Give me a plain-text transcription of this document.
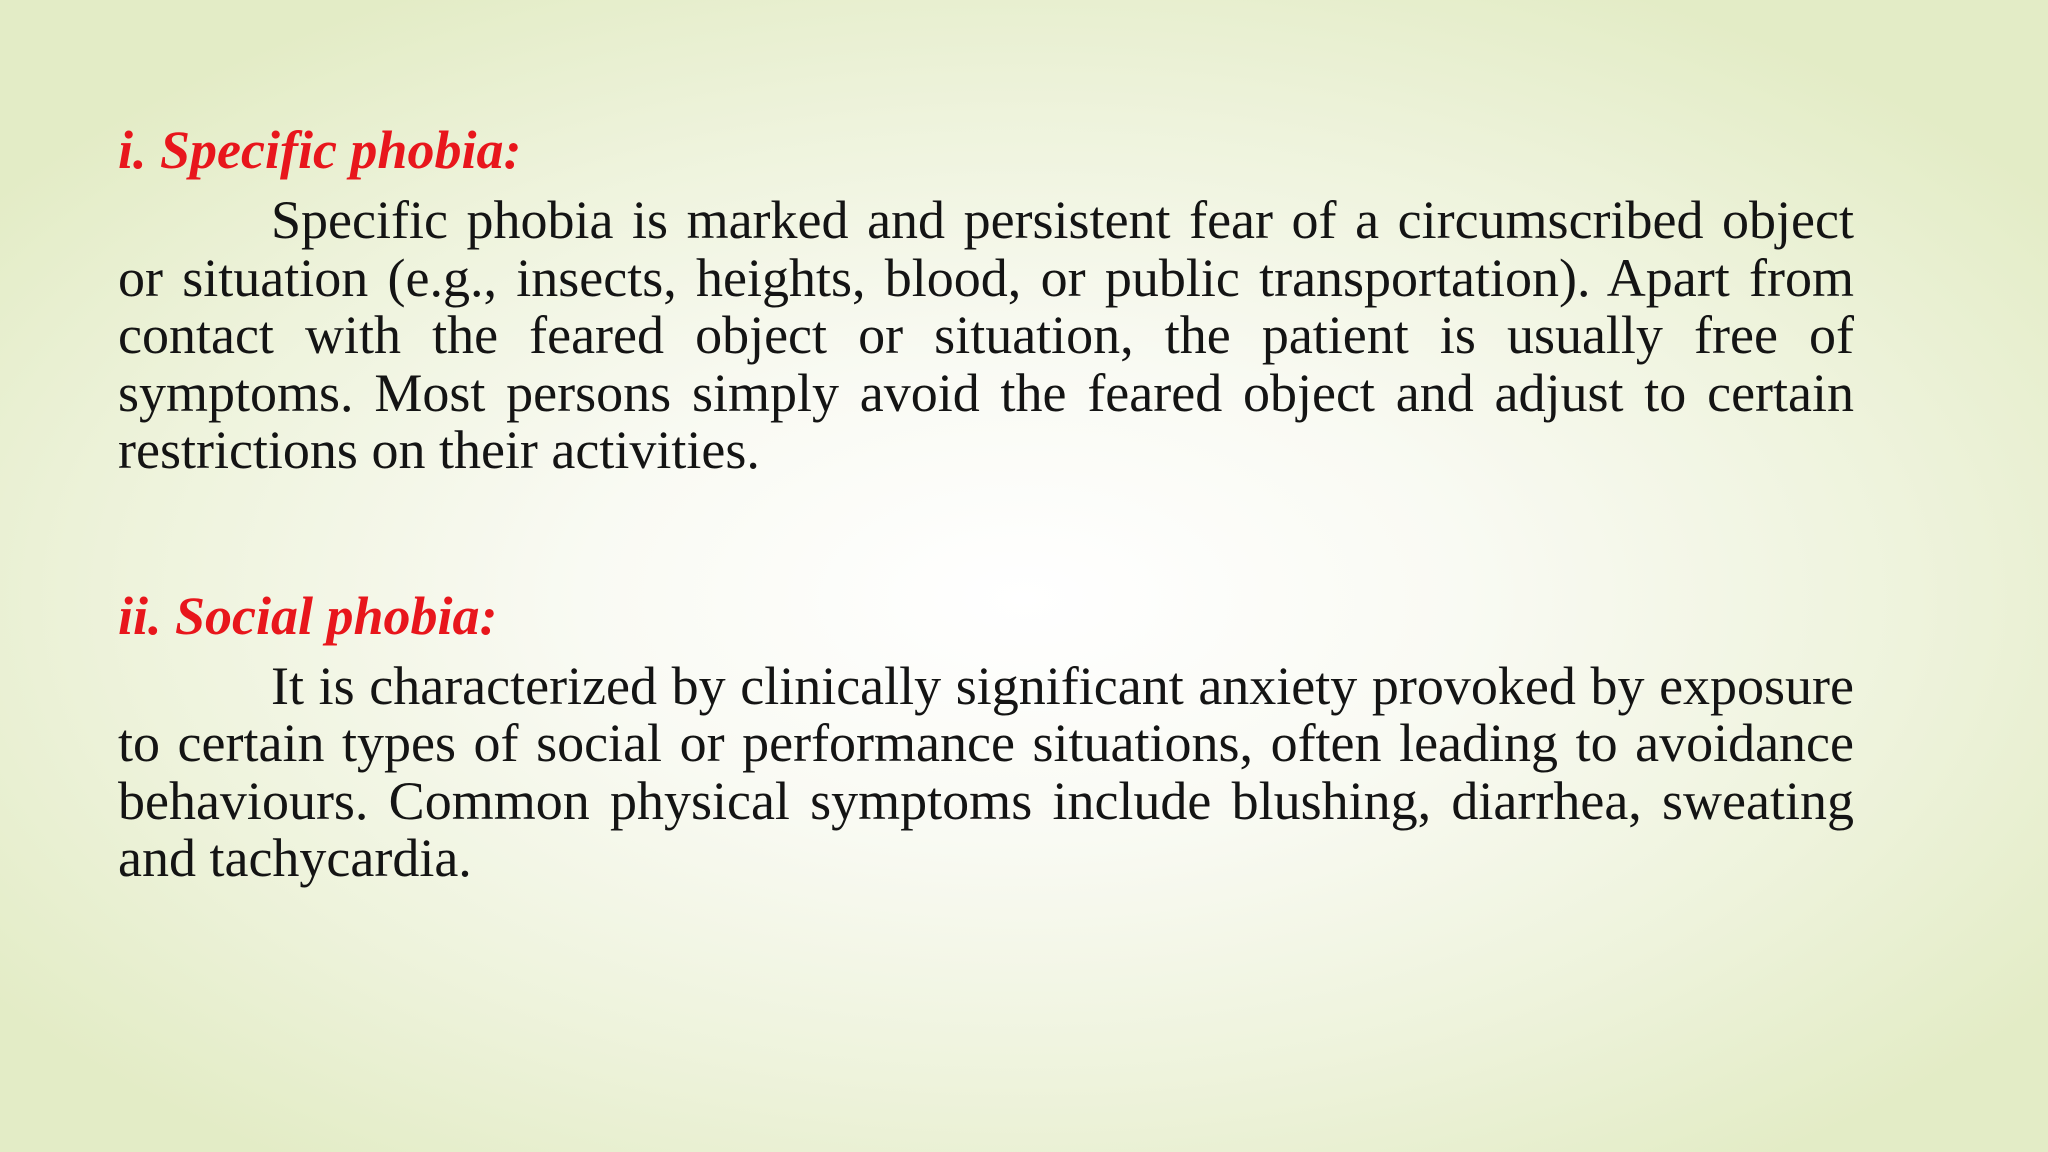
i. Specific phobia:

Specific phobia is marked and persistent fear of a circumscribed object or situation (e.g., insects, heights, blood, or public transportation). Apart from contact with the feared object or situation, the patient is usually free of symptoms. Most persons simply avoid the feared object and adjust to certain restrictions on their activities.

ii. Social phobia:

It is characterized by clinically significant anxiety provoked by exposure to certain types of social or performance situations, often leading to avoidance behaviours. Common physical symptoms include blushing, diarrhea, sweating and tachycardia.
